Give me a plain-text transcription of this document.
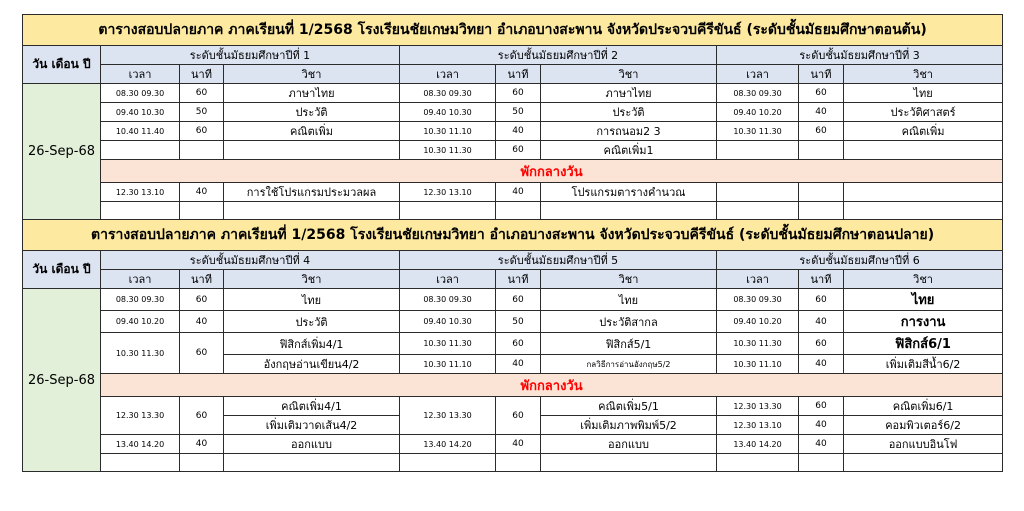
ตารางสอบปลายภาค ภาคเรียนที่ 1/2568 โรงเรียนชัยเกษมวิทยา อำเภอบางสะพาน จังหวัดประจวบคีรีขันธ์ (ระดับชั้นมัธยมศึกษาตอนต้น)									
วัน เดือน ปี	ระดับชั้นมัธยมศึกษาปีที่ 1			ระดับชั้นมัธยมศึกษาปีที่ 2			ระดับชั้นมัธยมศึกษาปีที่ 3		
	เวลา	นาที	วิชา	เวลา	นาที	วิชา	เวลา	นาที	วิชา
26-Sep-68	08.30 09.30	60	ภาษาไทย	08.30 09.30	60	ภาษาไทย	08.30 09.30	60	ไทย
	09.40 10.30	50	ประวัติ	09.40 10.30	50	ประวัติ	09.40 10.20	40	ประวัติศาสตร์
	10.40 11.40	60	คณิตเพิ่ม	10.30 11.10	40	การถนอม2 3	10.30 11.30	60	คณิตเพิ่ม
				10.30 11.30	60	คณิตเพิ่ม1			
	พักกลางวัน								
	12.30 13.10	40	การใช้โปรแกรมประมวลผล	12.30 13.10	40	โปรแกรมตารางคำนวณ			

ตารางสอบปลายภาค ภาคเรียนที่ 1/2568 โรงเรียนชัยเกษมวิทยา อำเภอบางสะพาน จังหวัดประจวบคีรีขันธ์ (ระดับชั้นมัธยมศึกษาตอนปลาย)									
วัน เดือน ปี	ระดับชั้นมัธยมศึกษาปีที่ 4			ระดับชั้นมัธยมศึกษาปีที่ 5			ระดับชั้นมัธยมศึกษาปีที่ 6		
	เวลา	นาที	วิชา	เวลา	นาที	วิชา	เวลา	นาที	วิชา
26-Sep-68	08.30 09.30	60	ไทย	08.30 09.30	60	ไทย	08.30 09.30	60	ไทย
	09.40 10.20	40	ประวัติ	09.40 10.30	50	ประวัติสากล	09.40 10.20	40	การงาน
	10.30 11.30	60	ฟิสิกส์เพิ่ม4/1	10.30 11.30	60	ฟิสิกส์5/1	10.30 11.30	60	ฟิสิกส์6/1
			อังกฤษอ่านเขียน4/2	10.30 11.10	40	กลวิธีการอ่านอังกฤษ5/2	10.30 11.10	40	เพิ่มเติมสีน้ำ6/2
	พักกลางวัน								
	12.30 13.30	60	คณิตเพิ่ม4/1	12.30 13.30	60	คณิตเพิ่ม5/1	12.30 13.30	60	คณิตเพิ่ม6/1
			เพิ่มเติมวาดเส้น4/2			เพิ่มเติมภาพพิมพ์5/2	12.30 13.10	40	คอมพิวเตอร์6/2
	13.40 14.20	40	ออกแบบ	13.40 14.20	40	ออกแบบ	13.40 14.20	40	ออกแบบอินโฟ
